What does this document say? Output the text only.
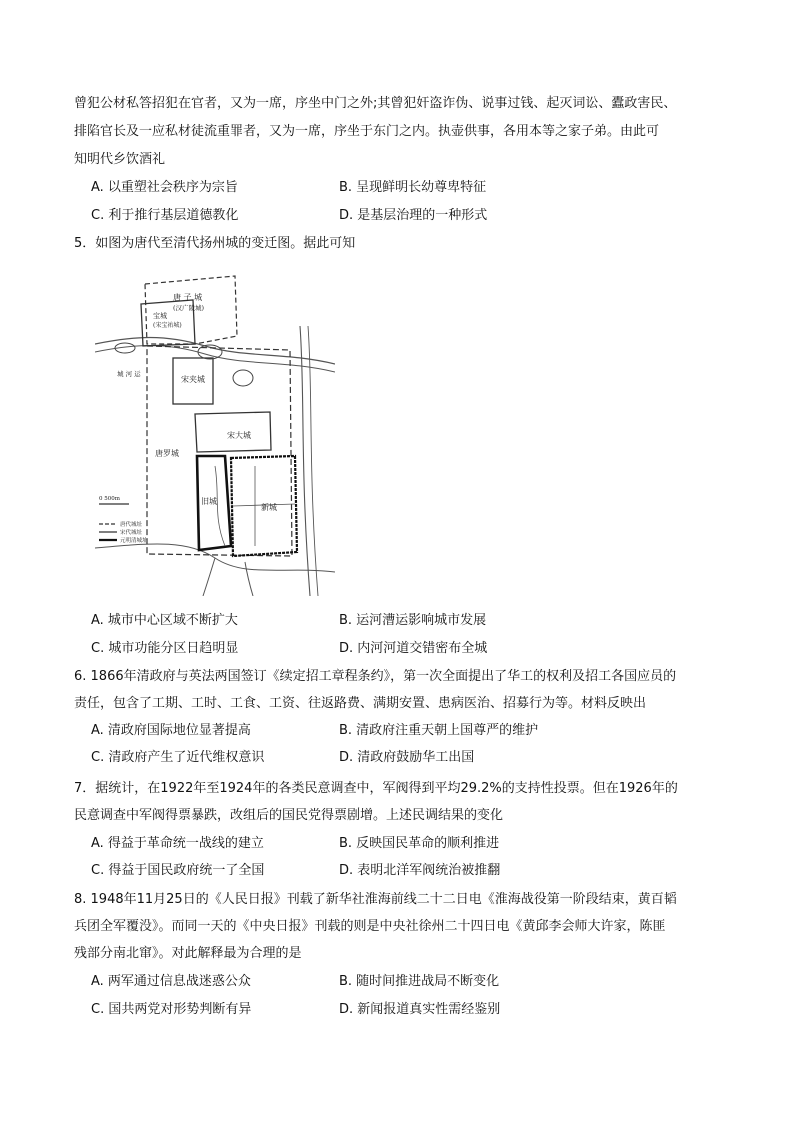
曾犯公材私答招犯在官者，又为一席，序坐中门之外;其曾犯奸盗诈伪、说事过钱、起灭词讼、蠹政害民、
排陷官长及一应私材徒流重罪者，又为一席，序坐于东门之内。执壶供事，各用本等之家子弟。由此可
知明代乡饮酒礼
A. 以重塑社会秩序为宗旨	B. 呈现鲜明长幼尊卑特征
C. 利于推行基层道德教化	D. 是基层治理的一种形式
5．如图为唐代至清代扬州城的变迁图。据此可知
唐 子 城
(汉广陵城)
宝城
(宋宝祐城)
宋夹城
宋大城
唐罗城
旧城
新城
城 河 运
0 500m
唐代城址
宋代城址
元明清城址
A. 城市中心区域不断扩大	B. 运河漕运影响城市发展
C. 城市功能分区日趋明显	D. 内河河道交错密布全城
6. 1866年清政府与英法两国签订《续定招工章程条约》，第一次全面提出了华工的权利及招工各国应员的
责任，包含了工期、工时、工食、工资、往返路费、满期安置、患病医治、招募行为等。材料反映出
A. 清政府国际地位显著提高	B. 清政府注重天朝上国尊严的维护
C. 清政府产生了近代维权意识	D. 清政府鼓励华工出国
7．据统计，在1922年至1924年的各类民意调查中，军阀得到平均29.2%的支持性投票。但在1926年的
民意调查中军阀得票暴跌，改组后的国民党得票剧增。上述民调结果的变化
A. 得益于革命统一战线的建立	B. 反映国民革命的顺利推进
C. 得益于国民政府统一了全国	D. 表明北洋军阀统治被推翻
8. 1948年11月25日的《人民日报》刊载了新华社淮海前线二十二日电《淮海战役第一阶段结束，黄百韬
兵团全军覆没》。而同一天的《中央日报》刊载的则是中央社徐州二十四日电《黄邱李会师大许家，陈匪
残部分南北窜》。对此解释最为合理的是
A. 两军通过信息战迷惑公众	B. 随时间推进战局不断变化
C. 国共两党对形势判断有异	D. 新闻报道真实性需经鉴别
